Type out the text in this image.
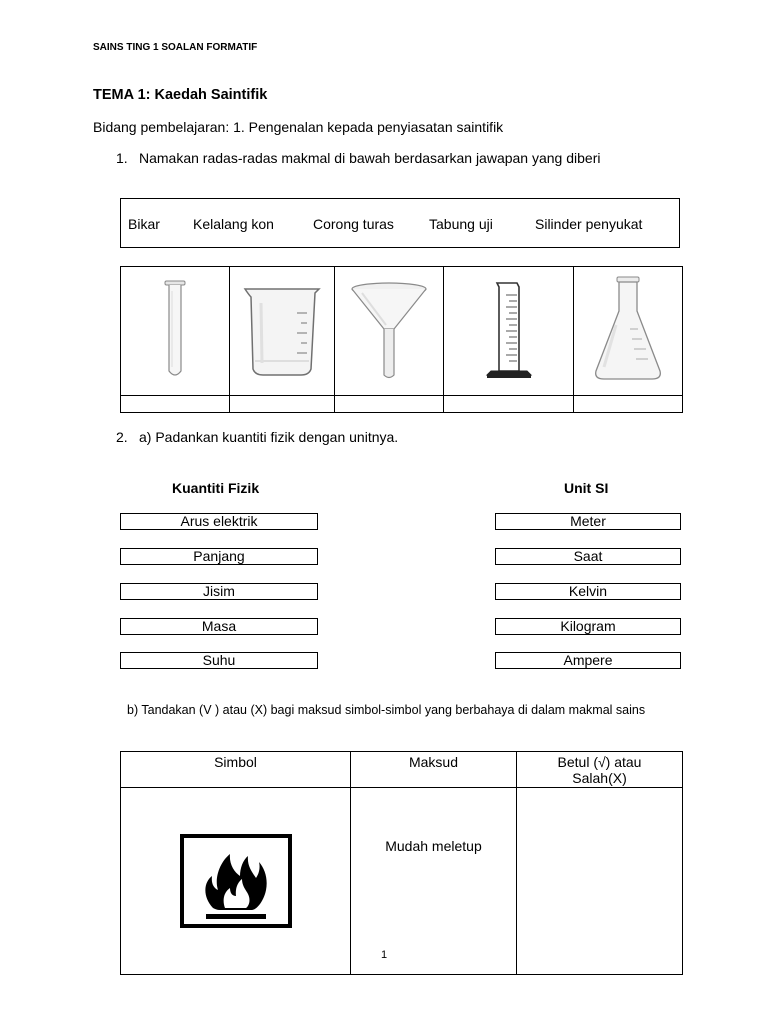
SAINS TING 1 SOALAN FORMATIF
TEMA 1: Kaedah Saintifik
Bidang pembelajaran: 1. Pengenalan kepada penyiasatan saintifik
1. Namakan radas-radas makmal di bawah berdasarkan jawapan yang diberi
Bikar Kelalang kon	Corong turas	Tabung uji	Silinder penyukat

2. a) Padankan kuantiti fizik dengan unitnya.
Kuantiti Fizik	Unit SI
Arus elektrik
Panjang
Jisim
Masa
Suhu
Meter
Saat
Kelvin
Kilogram
Ampere
b) Tandakan (V ) atau (X) bagi maksud simbol-simbol yang berbahaya di dalam makmal sains
Simbol	Maksud	Betul (√) atau Salah(X)

	Mudah meletup	
1
